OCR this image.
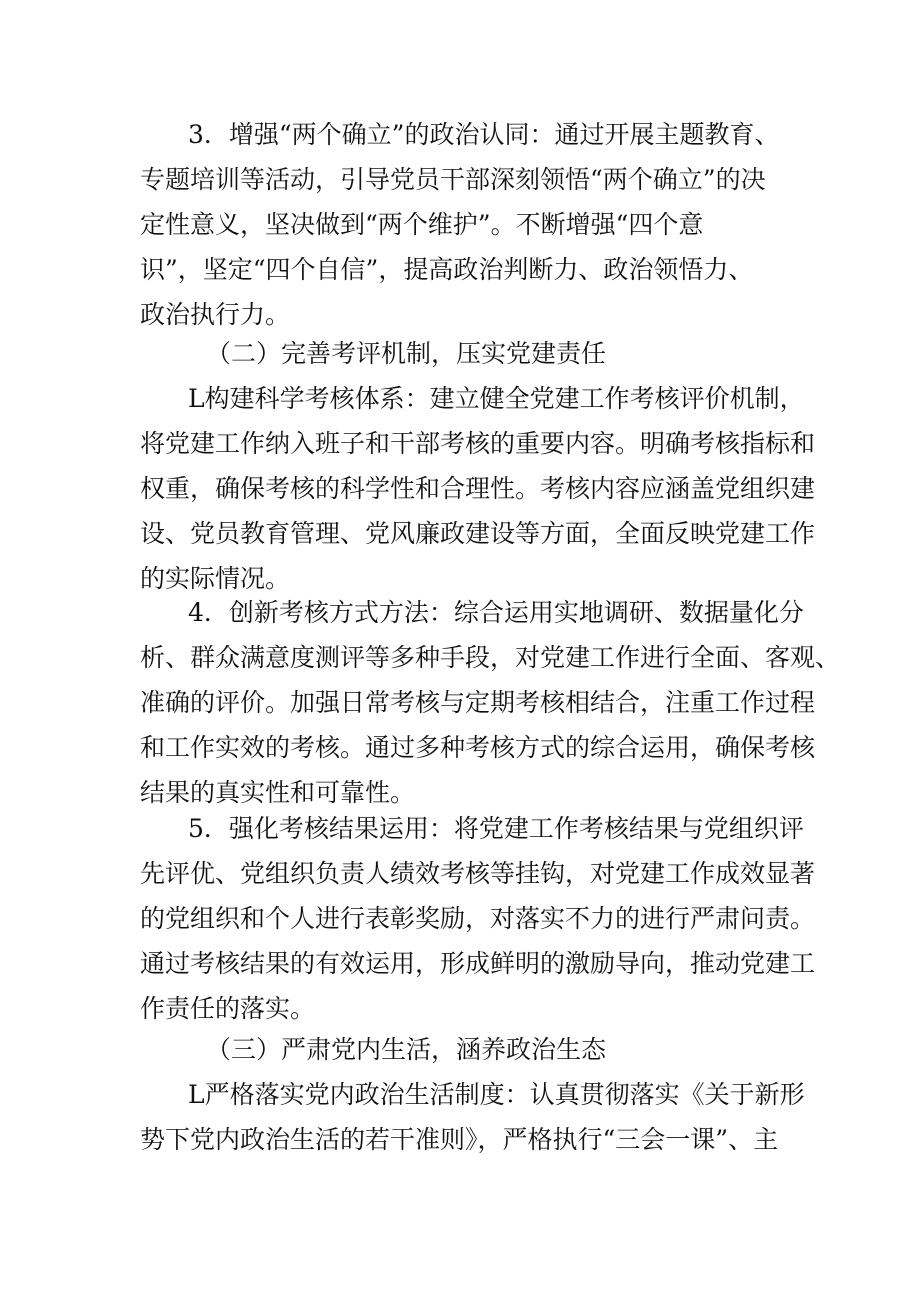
3．增强“两个确立”的政治认同：通过开展主题教育、
专题培训等活动，引导党员干部深刻领悟“两个确立”的决
定性意义，坚决做到“两个维护”。不断增强“四个意
识”，坚定“四个自信”，提高政治判断力、政治领悟力、
政治执行力。

（二）完善考评机制，压实党建责任

L构建科学考核体系：建立健全党建工作考核评价机制，
将党建工作纳入班子和干部考核的重要内容。明确考核指标和
权重，确保考核的科学性和合理性。考核内容应涵盖党组织建
设、党员教育管理、党风廉政建设等方面，全面反映党建工作
的实际情况。

4．创新考核方式方法：综合运用实地调研、数据量化分
析、群众满意度测评等多种手段，对党建工作进行全面、客观、
准确的评价。加强日常考核与定期考核相结合，注重工作过程
和工作实效的考核。通过多种考核方式的综合运用，确保考核
结果的真实性和可靠性。

5．强化考核结果运用：将党建工作考核结果与党组织评
先评优、党组织负责人绩效考核等挂钩，对党建工作成效显著
的党组织和个人进行表彰奖励，对落实不力的进行严肃问责。
通过考核结果的有效运用，形成鲜明的激励导向，推动党建工
作责任的落实。

（三）严肃党内生活，涵养政治生态

L严格落实党内政治生活制度：认真贯彻落实《关于新形
势下党内政治生活的若干准则》，严格执行“三会一课”、主
